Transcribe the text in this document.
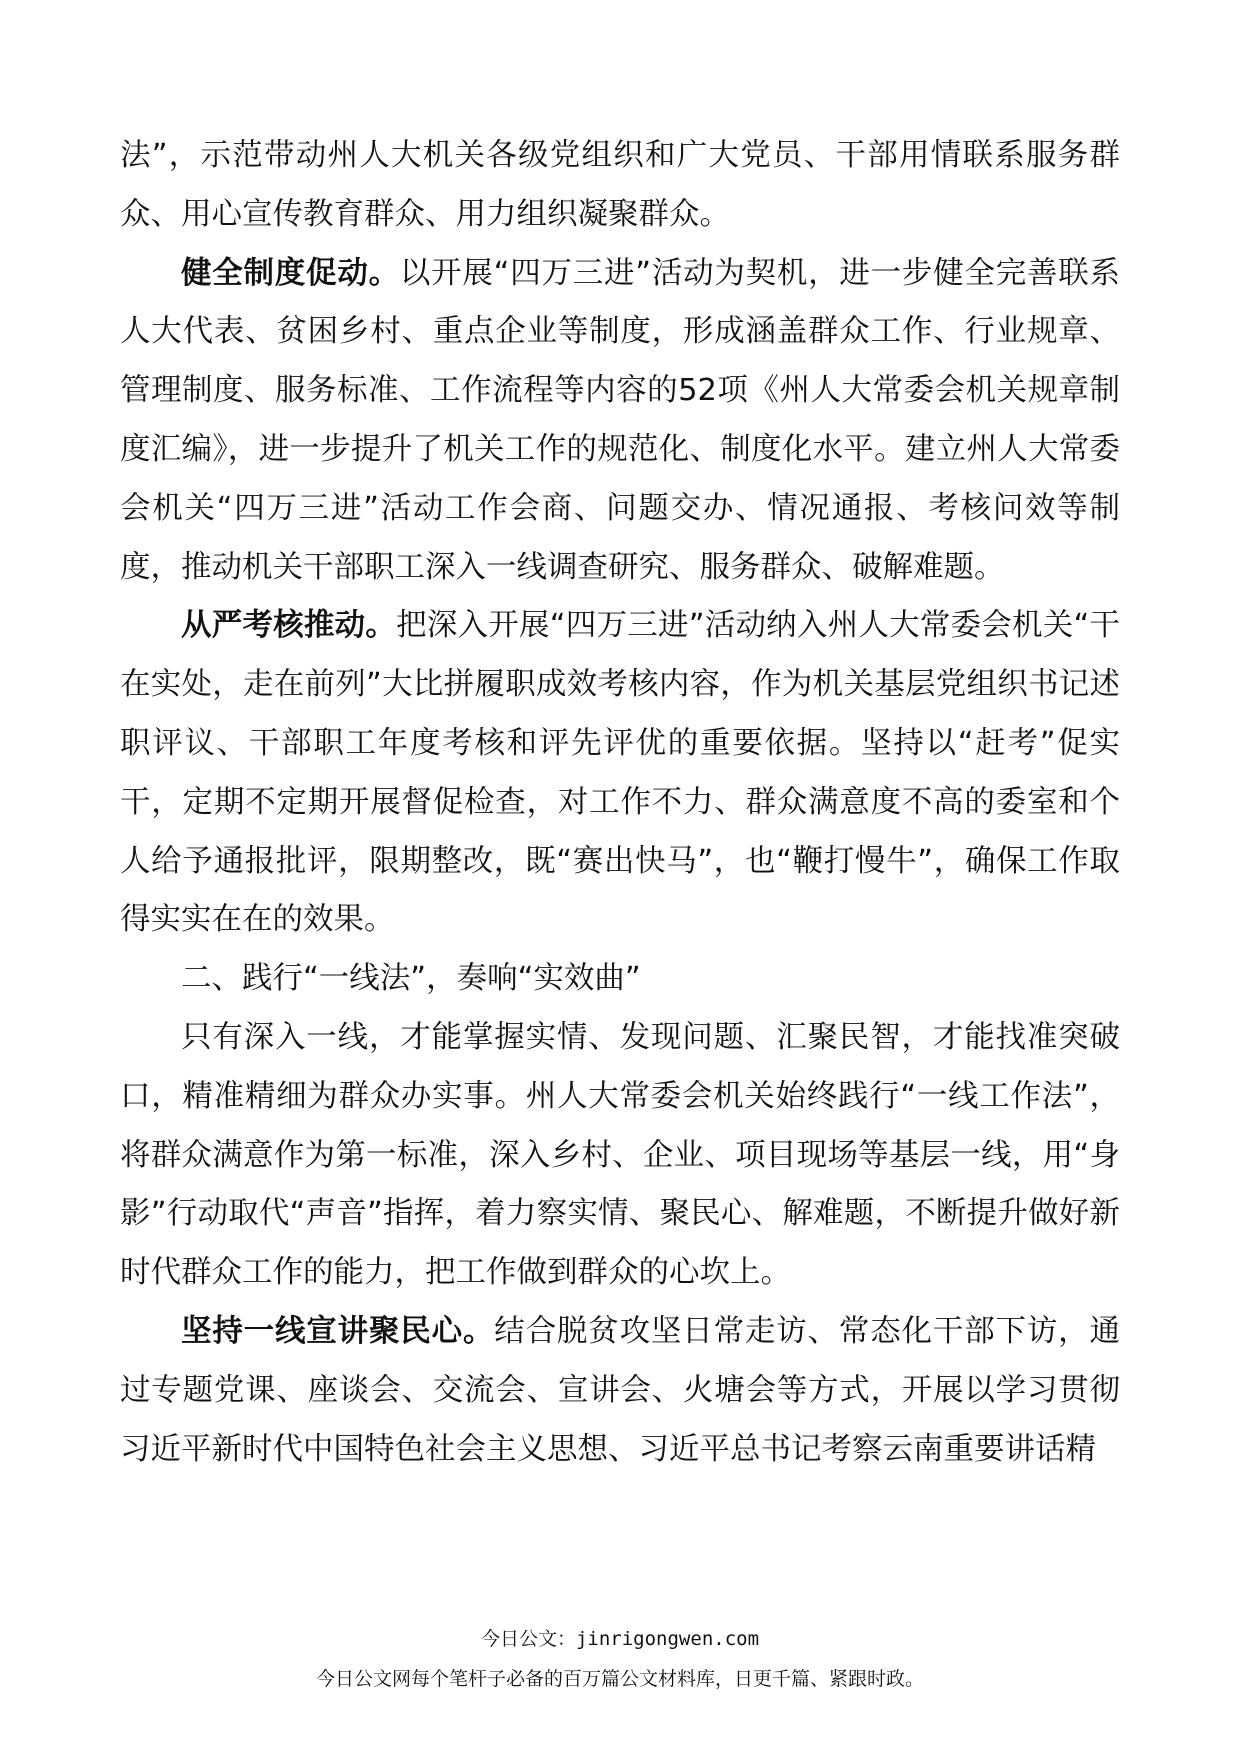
法”，示范带动州人大机关各级党组织和广大党员、干部用情联系服务群众、用心宣传教育群众、用力组织凝聚群众。

健全制度促动。以开展“四万三进”活动为契机，进一步健全完善联系人大代表、贫困乡村、重点企业等制度，形成涵盖群众工作、行业规章、管理制度、服务标准、工作流程等内容的52项《州人大常委会机关规章制度汇编》，进一步提升了机关工作的规范化、制度化水平。建立州人大常委会机关“四万三进”活动工作会商、问题交办、情况通报、考核问效等制度，推动机关干部职工深入一线调查研究、服务群众、破解难题。

从严考核推动。把深入开展“四万三进”活动纳入州人大常委会机关“干在实处，走在前列”大比拼履职成效考核内容，作为机关基层党组织书记述职评议、干部职工年度考核和评先评优的重要依据。坚持以“赶考”促实干，定期不定期开展督促检查，对工作不力、群众满意度不高的委室和个人给予通报批评，限期整改，既“赛出快马”，也“鞭打慢牛”，确保工作取得实实在在的效果。

二、践行“一线法”，奏响“实效曲”

只有深入一线，才能掌握实情、发现问题、汇聚民智，才能找准突破口，精准精细为群众办实事。州人大常委会机关始终践行“一线工作法”，将群众满意作为第一标准，深入乡村、企业、项目现场等基层一线，用“身影”行动取代“声音”指挥，着力察实情、聚民心、解难题，不断提升做好新时代群众工作的能力，把工作做到群众的心坎上。

坚持一线宣讲聚民心。结合脱贫攻坚日常走访、常态化干部下访，通过专题党课、座谈会、交流会、宣讲会、火塘会等方式，开展以学习贯彻习近平新时代中国特色社会主义思想、习近平总书记考察云南重要讲话精

今日公文：jinrigongwen.com
今日公文网每个笔杆子必备的百万篇公文材料库，日更千篇、紧跟时政。
